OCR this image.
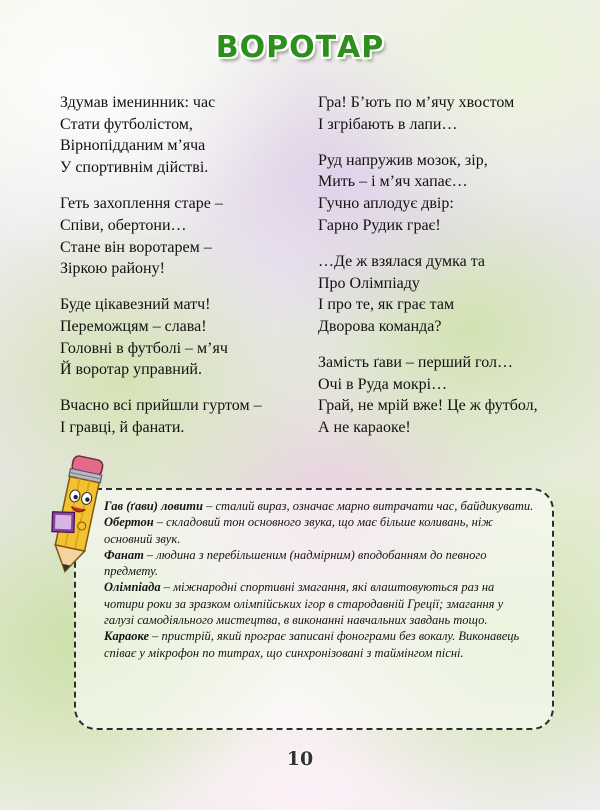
ВОРОТАР
Здумав іменинник: час
Стати футболістом,
Вірнопідданим м’яча
У спортивнім дійстві.
Геть захоплення старе –
Співи, обертони…
Стане він воротарем –
Зіркою району!
Буде цікавезний матч!
Переможцям – слава!
Головні в футболі – м’яч
Й воротар управний.
Вчасно всі прийшли гуртом –
І гравці, й фанати.
Гра! Б’ють по м’ячу хвостом
І згрібають в лапи…
Руд напружив мозок, зір,
Мить – і м’яч хапає…
Гучно аплодує двір:
Гарно Рудик грає!
…Де ж взялася думка та
Про Олімпіаду
І про те, як грає там
Дворова команда?
Замість ґави – перший гол…
Очі в Руда мокрі…
Грай, не мрій вже! Це ж футбол,
А не караоке!
Гав (ґави) ловити – сталий вираз, означає марно витрачати час, байдикувати.
Обертон – складовий тон основного звука, що має більше коливань, ніж основний звук.
Фанат – людина з перебільшеним (надмірним) вподобанням до певного предмету.
Олімпіада – міжнародні спортивні змагання, які влаштовуються раз на чотири роки за зразком олімпійських ігор в стародавній Греції; змагання у галузі самодіяльного мистецтва, в виконанні навчальних завдань тощо.
Караоке – пристрій, який програє записані фонограми без вокалу. Виконавець співає у мікрофон по титрах, що синхронізовані з таймінгом пісні.
10
